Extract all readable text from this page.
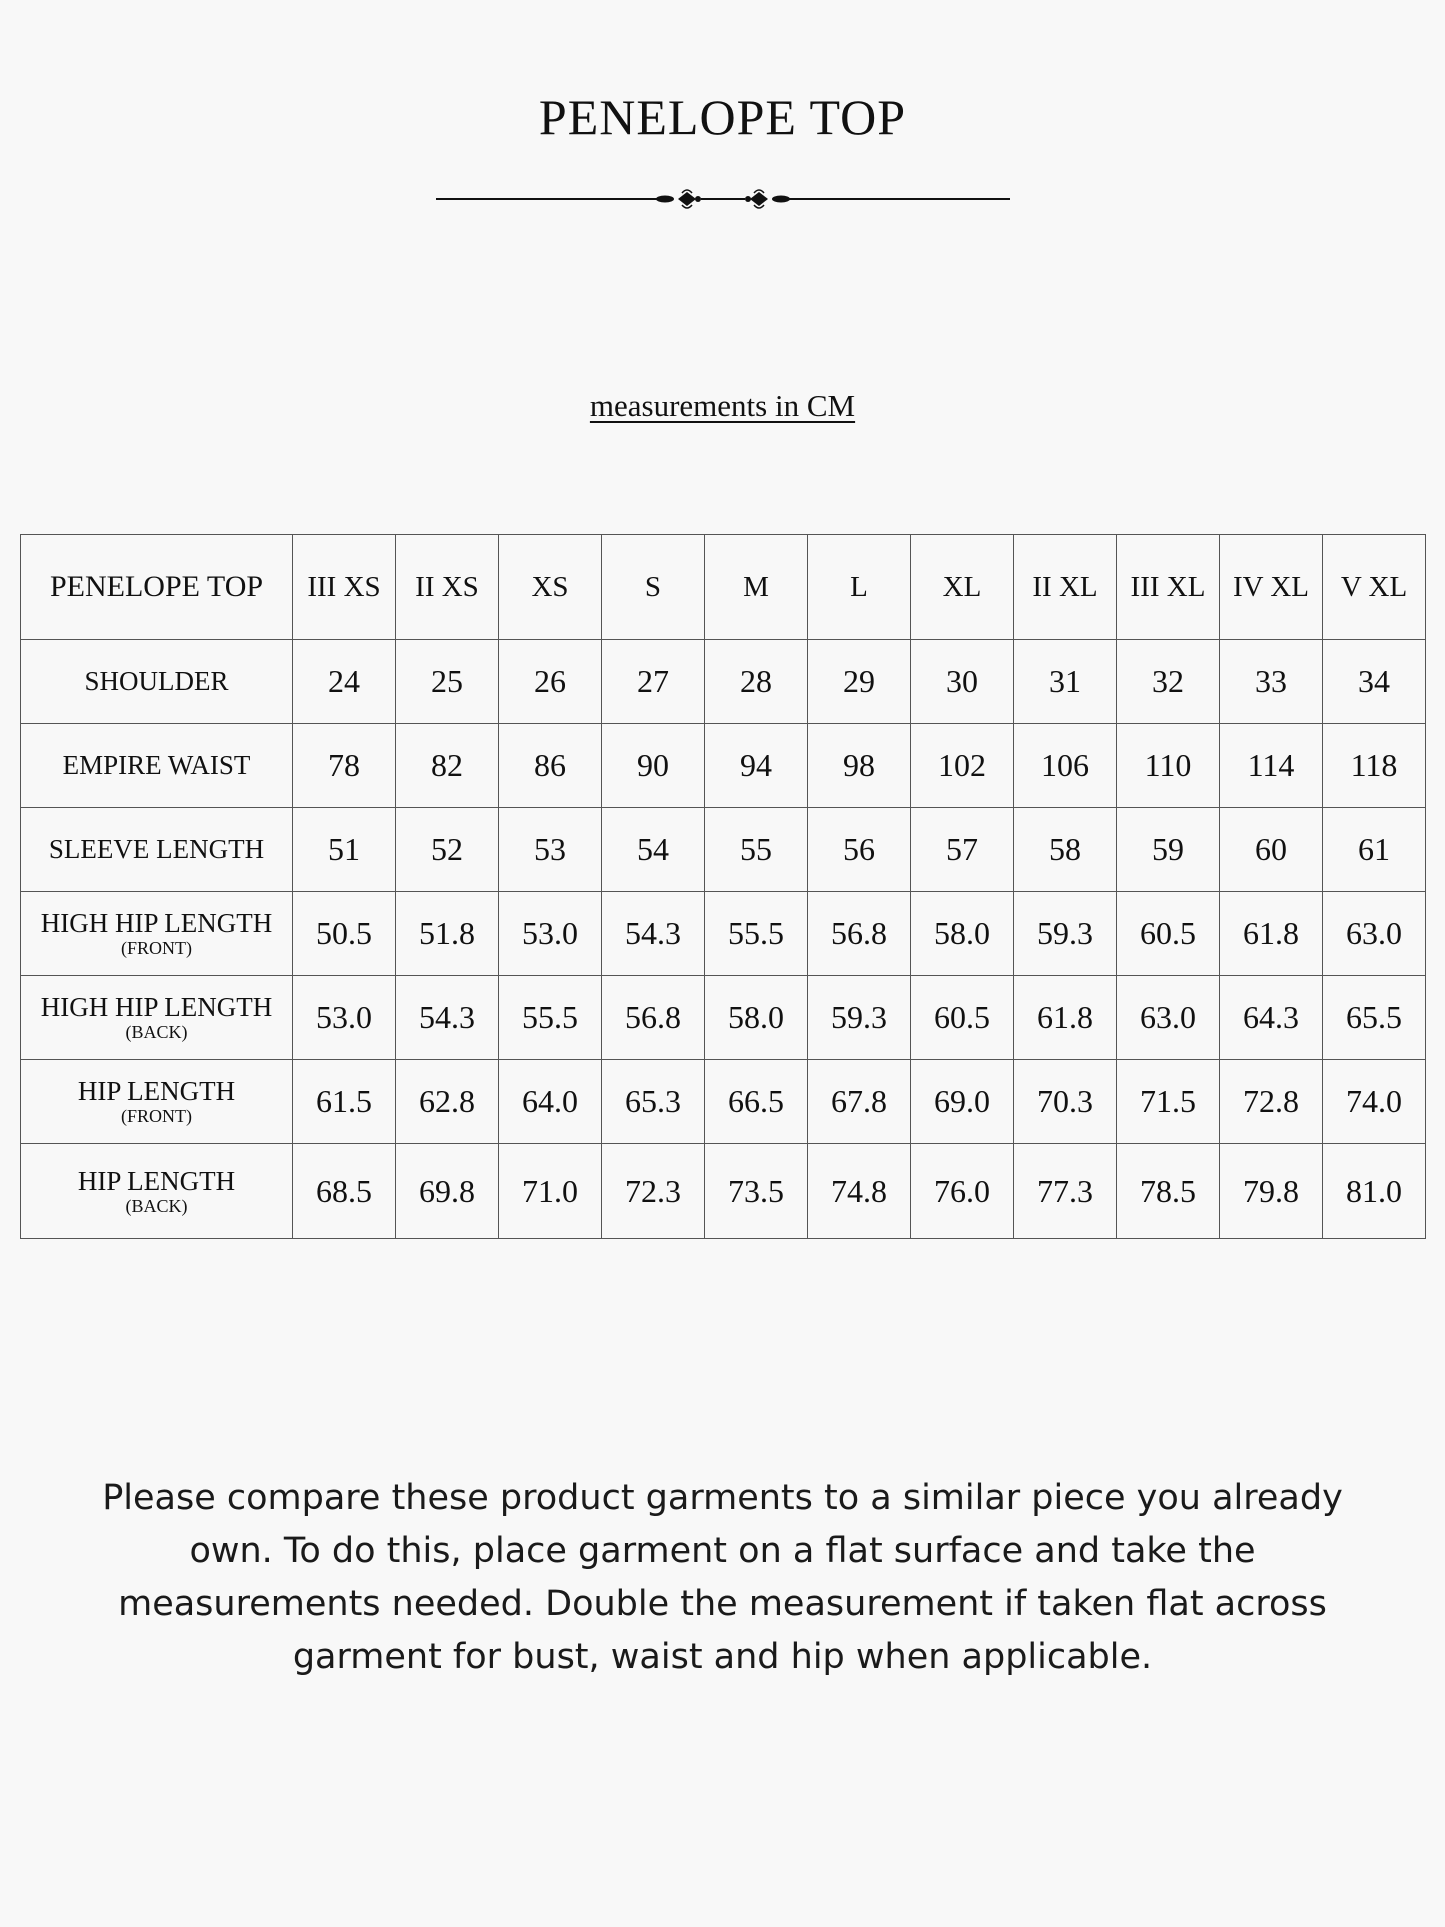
PENELOPE TOP
measurements in CM
PENELOPE TOP	III XS	II XS	XS	S	M	L	XL	II XL	III XL	IV XL	V XL
SHOULDER	24	25	26	27	28	29	30	31	32	33	34
EMPIRE WAIST	78	82	86	90	94	98	102	106	110	114	118
SLEEVE LENGTH	51	52	53	54	55	56	57	58	59	60	61
HIGH HIP LENGTH
(FRONT)	50.5	51.8	53.0	54.3	55.5	56.8	58.0	59.3	60.5	61.8	63.0
HIGH HIP LENGTH
(BACK)	53.0	54.3	55.5	56.8	58.0	59.3	60.5	61.8	63.0	64.3	65.5
HIP LENGTH
(FRONT)	61.5	62.8	64.0	65.3	66.5	67.8	69.0	70.3	71.5	72.8	74.0
HIP LENGTH
(BACK)	68.5	69.8	71.0	72.3	73.5	74.8	76.0	77.3	78.5	79.8	81.0
Please compare these product garments to a similar piece you already own. To do this, place garment on a flat surface and take the measurements needed. Double the measurement if taken flat across garment for bust, waist and hip when applicable.
